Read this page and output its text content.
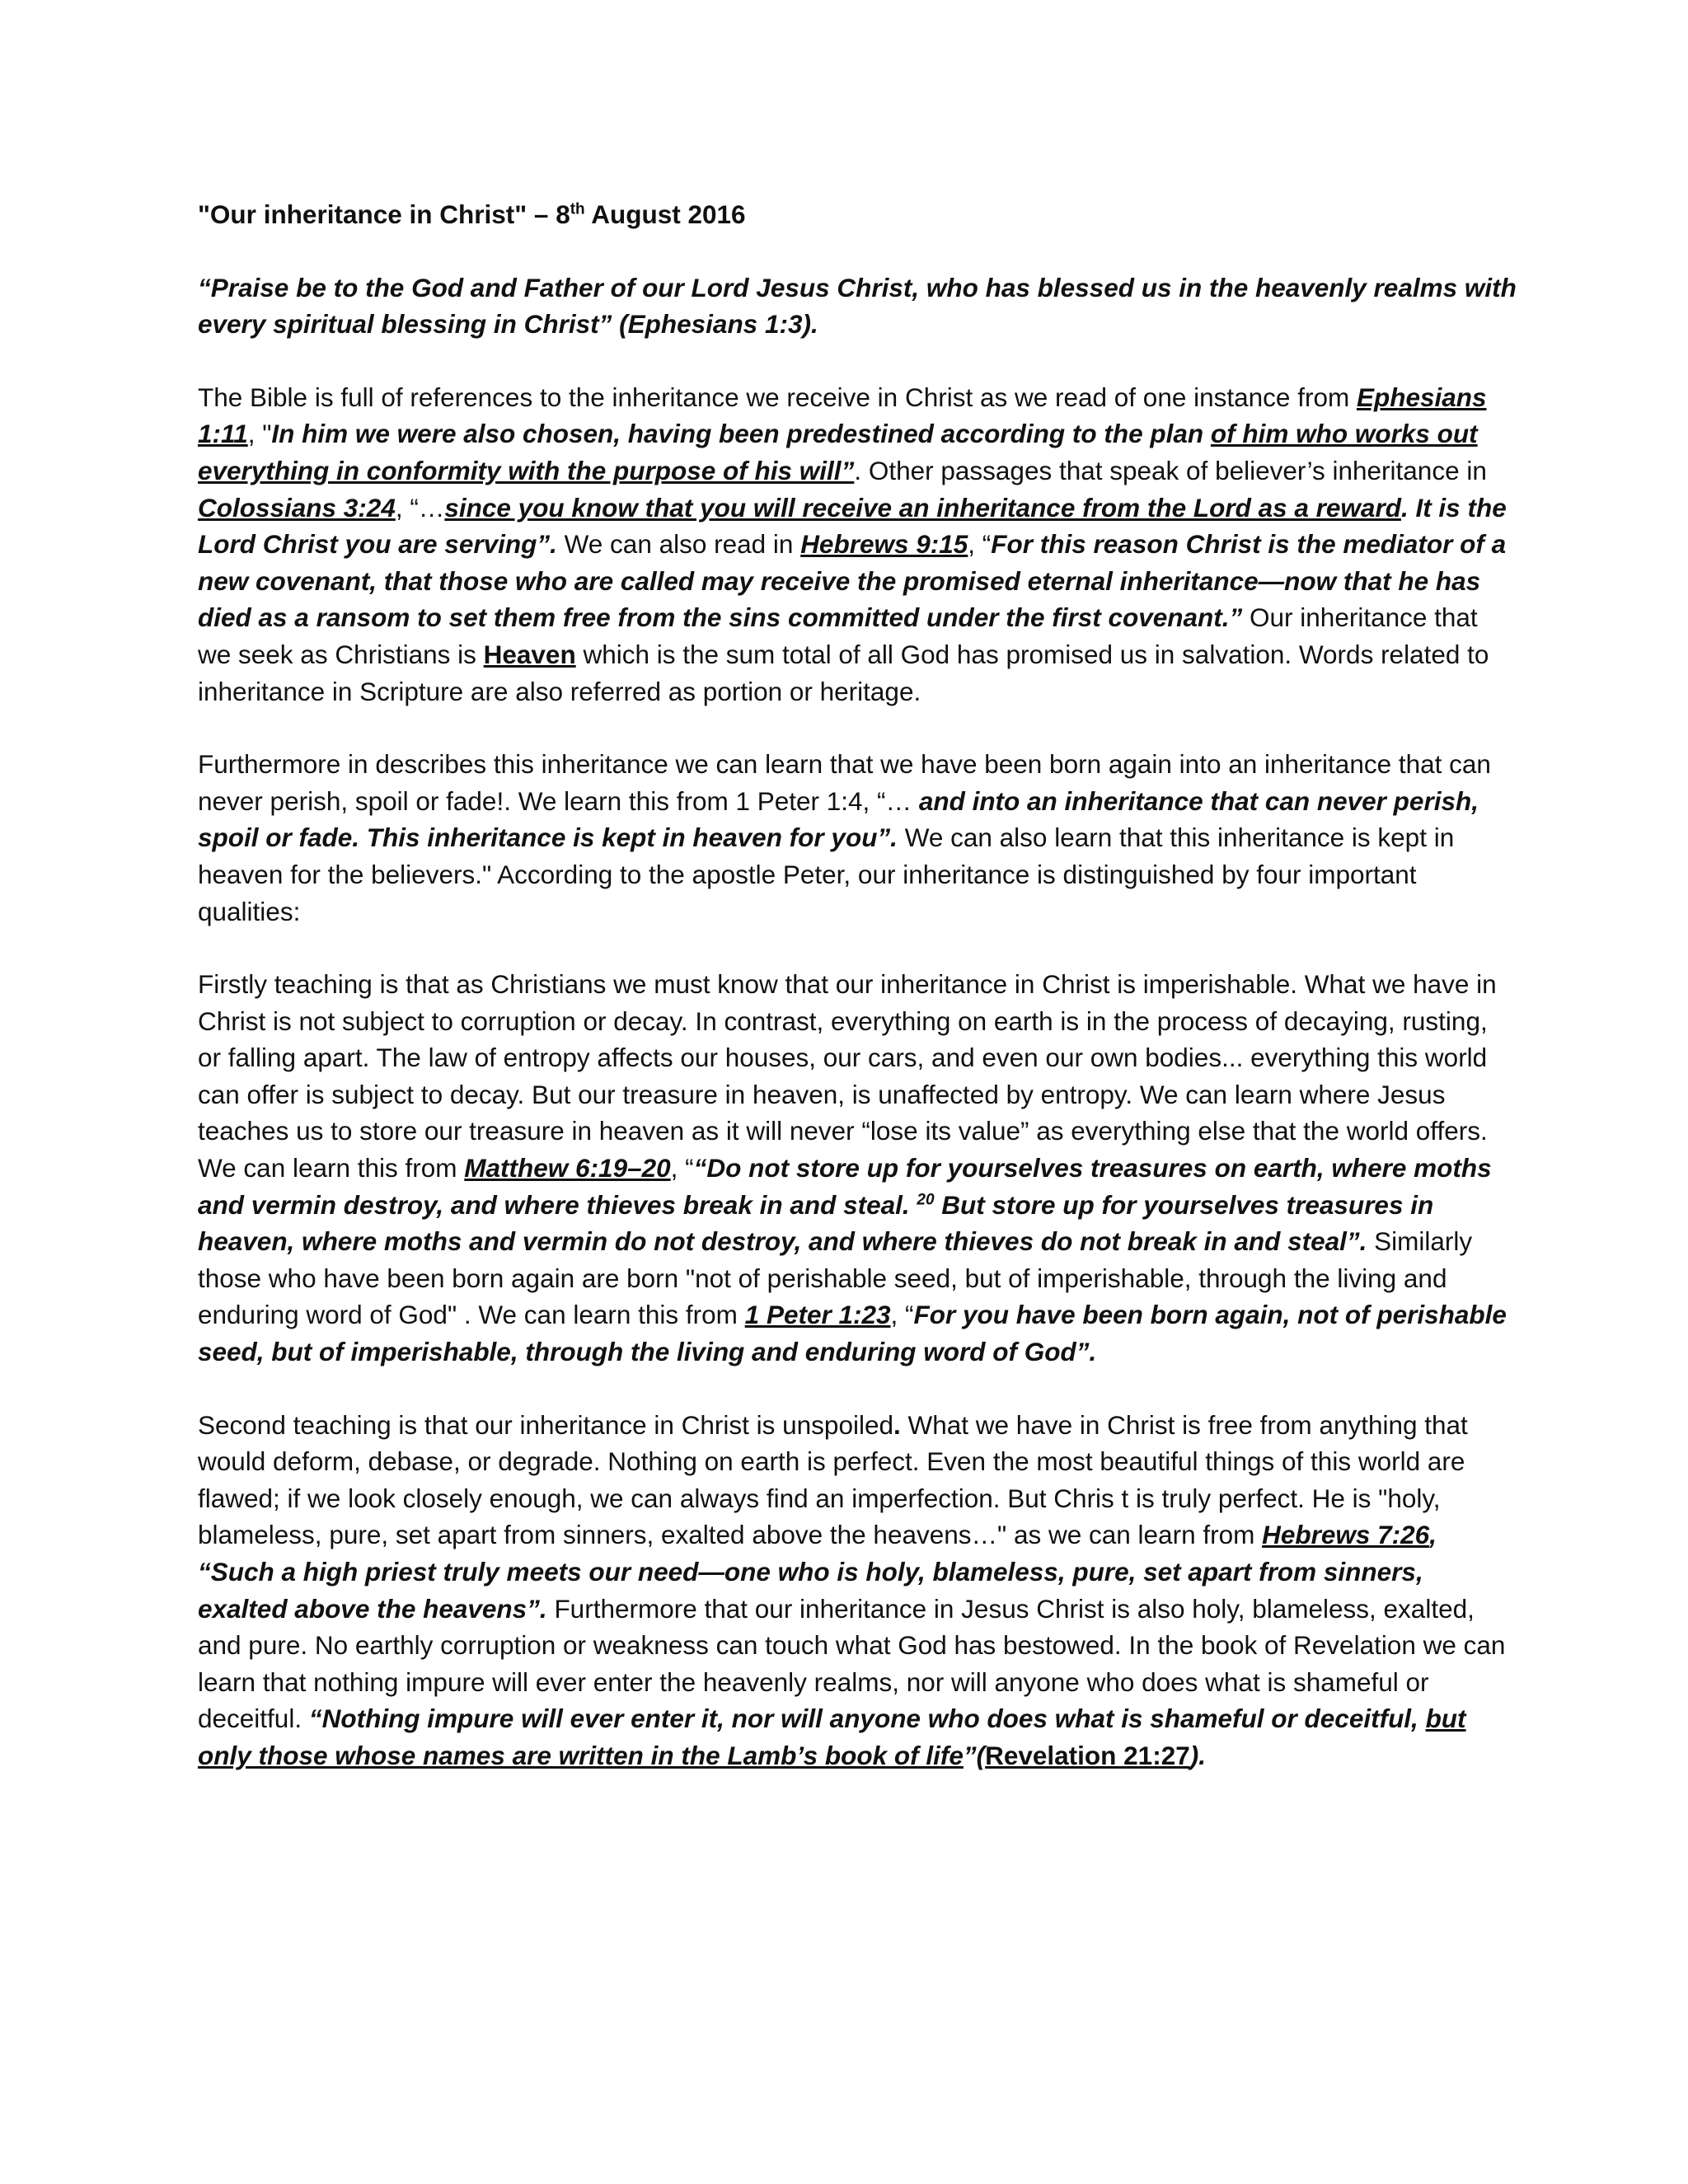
"Our inheritance in Christ" – 8th August 2016

“Praise be to the God and Father of our Lord Jesus Christ, who has blessed us in the heavenly realms with every spiritual blessing in Christ” (Ephesians 1:3).

The Bible is full of references to the inheritance we receive in Christ as we read of one instance from Ephesians 1:11, "In him we were also chosen, having been predestined according to the plan of him who works out everything in conformity with the purpose of his will”. Other passages that speak of believer’s inheritance in Colossians 3:24, “…since you know that you will receive an inheritance from the Lord as a reward. It is the Lord Christ you are serving”. We can also read in Hebrews 9:15, “For this reason Christ is the mediator of a new covenant, that those who are called may receive the promised eternal inheritance—now that he has died as a ransom to set them free from the sins committed under the first covenant.” Our inheritance that we seek as Christians is Heaven which is the sum total of all God has promised us in salvation. Words related to inheritance in Scripture are also referred as portion or heritage.

Furthermore in describes this inheritance we can learn that we have been born again into an inheritance that can never perish, spoil or fade!. We learn this from 1 Peter 1:4, “… and into an inheritance that can never perish, spoil or fade. This inheritance is kept in heaven for you”. We can also learn that this inheritance is kept in heaven for the believers." According to the apostle Peter, our inheritance is distinguished by four important qualities:

Firstly teaching is that as Christians we must know that our inheritance in Christ is imperishable. What we have in Christ is not subject to corruption or decay. In contrast, everything on earth is in the process of decaying, rusting, or falling apart. The law of entropy affects our houses, our cars, and even our own bodies... everything this world can offer is subject to decay. But our treasure in heaven, is unaffected by entropy. We can learn where Jesus teaches us to store our treasure in heaven as it will never “lose its value” as everything else that the world offers. We can learn this from Matthew 6:19–20, ““Do not store up for yourselves treasures on earth, where moths and vermin destroy, and where thieves break in and steal. $^{20}$ But store up for yourselves treasures in heaven, where moths and vermin do not destroy, and where thieves do not break in and steal”. Similarly those who have been born again are born "not of perishable seed, but of imperishable, through the living and enduring word of God" . We can learn this from 1 Peter 1:23, “For you have been born again, not of perishable seed, but of imperishable, through the living and enduring word of God”.

Second teaching is that our inheritance in Christ is unspoiled. What we have in Christ is free from anything that would deform, debase, or degrade. Nothing on earth is perfect. Even the most beautiful things of this world are flawed; if we look closely enough, we can always find an imperfection. But Chris t is truly perfect. He is "holy, blameless, pure, set apart from sinners, exalted above the heavens…" as we can learn from Hebrews 7:26, “Such a high priest truly meets our need—one who is holy, blameless, pure, set apart from sinners, exalted above the heavens”. Furthermore that our inheritance in Jesus Christ is also holy, blameless, exalted, and pure. No earthly corruption or weakness can touch what God has bestowed. In the book of Revelation we can learn that nothing impure will ever enter the heavenly realms, nor will anyone who does what is shameful or deceitful. “Nothing impure will ever enter it, nor will anyone who does what is shameful or deceitful, but only those whose names are written in the Lamb’s book of life”(Revelation 21:27).
